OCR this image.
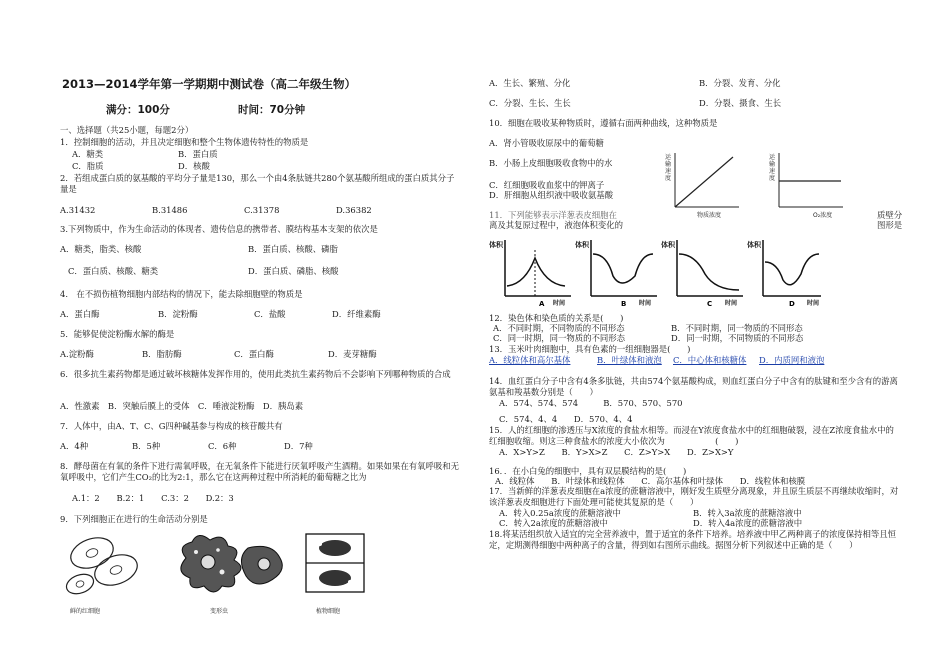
2013—2014学年第一学期期中测试卷（高二年级生物）
满分：100分	时间：70分钟
一、选择题（共25小题，每题2分）
1．控制细胞的活动，并且决定细胞和整个生物体遗传特性的物质是
A．糖类	B．蛋白质
C．脂质	D．核酸
2．若组成蛋白质的氨基酸的平均分子量是130，那么一个由4条肽链共280个氨基酸所组成的蛋白质其分子量是
A.31432	B.31486	C.31378	D.36382
3.下列物质中，作为生命活动的体现者、遗传信息的携带者、膜结构基本支架的依次是
A．糖类，脂类、核酸	B．蛋白质、核酸、磷脂
C．蛋白质、核酸、糖类	D．蛋白质、磷脂、核酸
4.　在不损伤植物细胞内部结构的情况下，能去除细胞壁的物质是
A．蛋白酶	B．淀粉酶	C．盐酸	D．纤维素酶
5．能够促使淀粉酶水解的酶是
A.淀粉酶	B．脂肪酶	C．蛋白酶	D．麦芽糖酶
6．很多抗生素药物都是通过破坏核糖体发挥作用的，使用此类抗生素药物后不会影响下列哪种物质的合成
A．性激素　B．突触后膜上的受体　C．唾液淀粉酶　D．胰岛素
7．人体中，由A、T、C、G四种碱基参与构成的核苷酸共有
A．4种	B．5种	C．6种	D．7种
8．酵母菌在有氧的条件下进行需氧呼吸，在无氧条件下能进行厌氧呼吸产生酒精。如果如果在有氧呼吸和无氧呼吸中，它们产生CO₂的比为2:1，那么它在这两种过程中所消耗的葡萄糖之比为
A.1：2　　B.2：1　　C.3：2　　D.2：3
9．下列细胞正在进行的生命活动分别是
鲜的红细胞	变形虫	植物细胞
A．生长、繁殖、分化	B．分裂、发育、分化
C．分裂、生长、生长	D．分裂、摄食、生长
10．细胞在吸收某种物质时，遵循右面两种曲线，这种物质是
A．肾小管吸收原尿中的葡萄糖
B．小肠上皮细胞吸收食物中的水
C．红细胞吸收血浆中的钾离子
D．肝细胞从组织液中吸收氨基酸
运输速度
物质浓度
运输速度
O₂浓度
11．下列能够表示洋葱表皮细胞在
离及其复原过程中，液泡体积变化的
质壁分
图形是
A	B	C	D
体积	体积	体积	体积
时间	时间	时间	时间
12．染色体和染色质的关系是(　　)
A．不同时期，不同物质的不同形态	B．不同时期，同一物质的不同形态
C．同一时期，同一物质的不同形态	D．同一时期，不同物质的不同形态
13．玉米叶肉细胞中，具有色素的一组细胞器是(　　)
A．线粒体和高尔基体	B．叶绿体和液泡 C．中心体和核糖体 D．内质网和液泡
14．血红蛋白分子中含有4条多肽链，共由574个氨基酸构成，则血红蛋白分子中含有的肽键和至少含有的游离氨基和羧基数分别是（　　）
A．574、574、574　　　B．570、570、570
C．574、4、4　　D．570、4、4
15．人的红细胞的渗透压与X浓度的食盐水相等。而浸在Y浓度食盐水中的红细胞破裂，浸在Z浓度食盐水中的红细胞收缩。则这三种食盐水的浓度大小依次为　　　　　　(　　)
A．X>Y>Z　　B．Y>X>Z　　C．Z>Y>X　　D．Z>X>Y
16．．在小白兔的细胞中，具有双层膜结构的是(　　)
A．线粒体　　B．叶绿体和线粒体　　C．高尔基体和叶绿体　　D．线粒体和核膜
17．当新鲜的洋葱表皮细胞在a浓度的蔗糖溶液中，刚好发生质壁分离现象，并且原生质层不再继续收缩时，对该洋葱表皮细胞进行下面处理可能使其复原的是（　　）
A．转入0.25a浓度的蔗糖溶液中	B．转入3a浓度的蔗糖溶液中
C．转入2a浓度的蔗糖溶液中	D．转入4a浓度的蔗糖溶液中
18.将某活组织放入适宜的完全营养液中，置于适宜的条件下培养。培养液中甲乙两种离子的浓度保持相等且恒定，定期测得细胞中两种离子的含量，得到如右图所示曲线。据图分析下列叙述中正确的是（　　）
